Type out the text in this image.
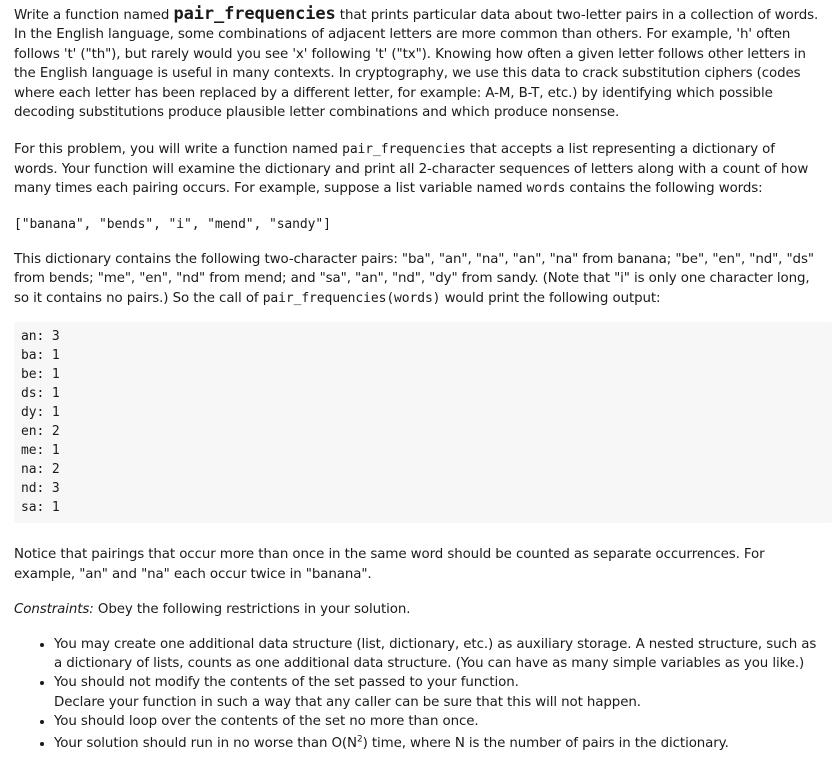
Write a function named pair_frequencies that prints particular data about two-letter pairs in a collection of words. In the English language, some combinations of adjacent letters are more common than others. For example, 'h' often follows 't' ("th"), but rarely would you see 'x' following 't' ("tx"). Knowing how often a given letter follows other letters in the English language is useful in many contexts. In cryptography, we use this data to crack substitution ciphers (codes where each letter has been replaced by a different letter, for example: A-M, B-T, etc.) by identifying which possible decoding substitutions produce plausible letter combinations and which produce nonsense.

For this problem, you will write a function named pair_frequencies that accepts a list representing a dictionary of words. Your function will examine the dictionary and print all 2-character sequences of letters along with a count of how many times each pairing occurs. For example, suppose a list variable named words contains the following words:

["banana", "bends", "i", "mend", "sandy"]

This dictionary contains the following two-character pairs: "ba", "an", "na", "an", "na" from banana; "be", "en", "nd", "ds" from bends; "me", "en", "nd" from mend; and "sa", "an", "nd", "dy" from sandy. (Note that "i" is only one character long, so it contains no pairs.) So the call of pair_frequencies(words) would print the following output:

an: 3
ba: 1
be: 1
ds: 1
dy: 1
en: 2
me: 1
na: 2
nd: 3
sa: 1

Notice that pairings that occur more than once in the same word should be counted as separate occurrences. For example, "an" and "na" each occur twice in "banana".

Constraints: Obey the following restrictions in your solution.

• You may create one additional data structure (list, dictionary, etc.) as auxiliary storage. A nested structure, such as a dictionary of lists, counts as one additional data structure. (You can have as many simple variables as you like.)
• You should not modify the contents of the set passed to your function.
Declare your function in such a way that any caller can be sure that this will not happen.
• You should loop over the contents of the set no more than once.
• Your solution should run in no worse than $O(N^2)$ time, where N is the number of pairs in the dictionary.
